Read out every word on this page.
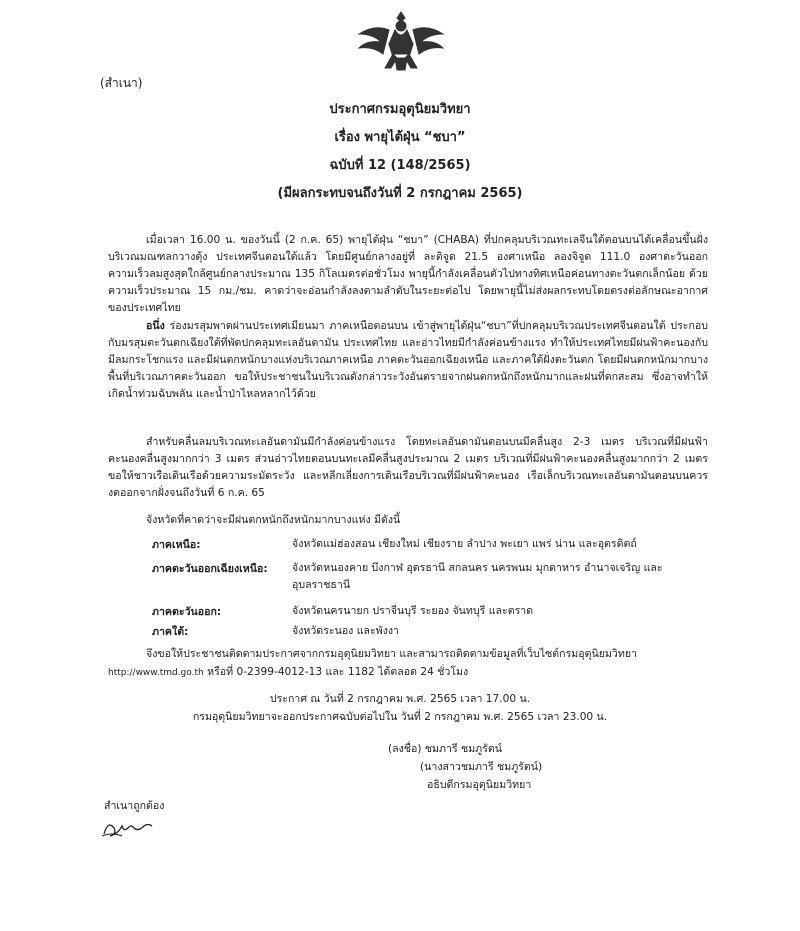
(สำเนา)
ประกาศกรมอุตุนิยมวิทยา
เรื่อง พายุไต้ฝุ่น “ชบา”
ฉบับที่ 12 (148/2565)
(มีผลกระทบจนถึงวันที่ 2 กรกฎาคม 2565)
เมื่อเวลา 16.00 น. ของวันนี้ (2 ก.ค. 65) พายุไต้ฝุ่น “ชบา” (CHABA) ที่ปกคลุมบริเวณทะเลจีนใต้ตอนบนได้เคลื่อนขึ้นฝั่งบริเวณมณฑลกวางตุ้ง ประเทศจีนตอนใต้แล้ว โดยมีศูนย์กลางอยู่ที่ ละติจูด 21.5 องศาเหนือ ลองจิจูด 111.0 องศาตะวันออก ความเร็วลมสูงสุดใกล้ศูนย์กลางประมาณ 135 กิโลเมตรต่อชั่วโมง พายุนี้กำลังเคลื่อนตัวไปทางทิศเหนือค่อนทางตะวันตกเล็กน้อย ด้วยความเร็วประมาณ 15 กม./ชม. คาดว่าจะอ่อนกำลังลงตามลำดับในระยะต่อไป โดยพายุนี้ไม่ส่งผลกระทบโดยตรงต่อลักษณะอากาศของประเทศไทย
อนึ่ง ร่องมรสุมพาดผ่านประเทศเมียนมา ภาคเหนือตอนบน เข้าสู่พายุไต้ฝุ่น“ชบา”ที่ปกคลุมบริเวณประเทศจีนตอนใต้ ประกอบกับมรสุมตะวันตกเฉียงใต้ที่พัดปกคลุมทะเลอันดามัน ประเทศไทย และอ่าวไทยมีกำลังค่อนข้างแรง ทำให้ประเทศไทยมีฝนฟ้าคะนองกับมีลมกระโชกแรง และมีฝนตกหนักบางแห่งบริเวณภาคเหนือ ภาคตะวันออกเฉียงเหนือ และภาคใต้ฝั่งตะวันตก โดยมีฝนตกหนักมากบางพื้นที่บริเวณภาคตะวันออก ขอให้ประชาชนในบริเวณดังกล่าวระวังอันตรายจากฝนตกหนักถึงหนักมากและฝนที่ตกสะสม ซึ่งอาจทำให้เกิดน้ำท่วมฉับพลัน และน้ำป่าไหลหลากไว้ด้วย
สำหรับคลื่นลมบริเวณทะเลอันดามันมีกำลังค่อนข้างแรง โดยทะเลอันดามันตอนบนมีคลื่นสูง 2-3 เมตร บริเวณที่มีฝนฟ้าคะนองคลื่นสูงมากกว่า 3 เมตร ส่วนอ่าวไทยตอนบนทะเลมีคลื่นสูงประมาณ 2 เมตร บริเวณที่มีฝนฟ้าคะนองคลื่นสูงมากกว่า 2 เมตร ขอให้ชาวเรือเดินเรือด้วยความระมัดระวัง และหลีกเลี่ยงการเดินเรือบริเวณที่มีฝนฟ้าคะนอง เรือเล็กบริเวณทะเลอันดามันตอนบนควรงดออกจากฝั่งจนถึงวันที่ 6 ก.ค. 65
จังหวัดที่คาดว่าจะมีฝนตกหนักถึงหนักมากบางแห่ง มีดังนี้
ภาคเหนือ:	จังหวัดแม่ฮ่องสอน เชียงใหม่ เชียงราย ลำปาง พะเยา แพร่ น่าน และอุตรดิตถ์
ภาคตะวันออกเฉียงเหนือ:	จังหวัดหนองคาย บึงกาฬ อุดรธานี สกลนคร นครพนม มุกดาหาร อำนาจเจริญ และอุบลราชธานี
ภาคตะวันออก:	จังหวัดนครนายก ปราจีนบุรี ระยอง จันทบุรี และตราด
ภาคใต้:	จังหวัดระนอง และพังงา
จึงขอให้ประชาชนติดตามประกาศจากกรมอุตุนิยมวิทยา และสามารถติดตามข้อมูลที่เว็บไซต์กรมอุตุนิยมวิทยา
http://www.tmd.go.th หรือที่ 0-2399-4012-13 และ 1182 ได้ตลอด 24 ชั่วโมง
ประกาศ ณ วันที่ 2 กรกฎาคม พ.ศ. 2565 เวลา 17.00 น.
กรมอุตุนิยมวิทยาจะออกประกาศฉบับต่อไปใน วันที่ 2 กรกฎาคม พ.ศ. 2565 เวลา 23.00 น.
(ลงชื่อ) ชมภารี ชมภูรัตน์
(นางสาวชมภารี ชมภูรัตน์)
อธิบดีกรมอุตุนิยมวิทยา
สำเนาถูกต้อง
